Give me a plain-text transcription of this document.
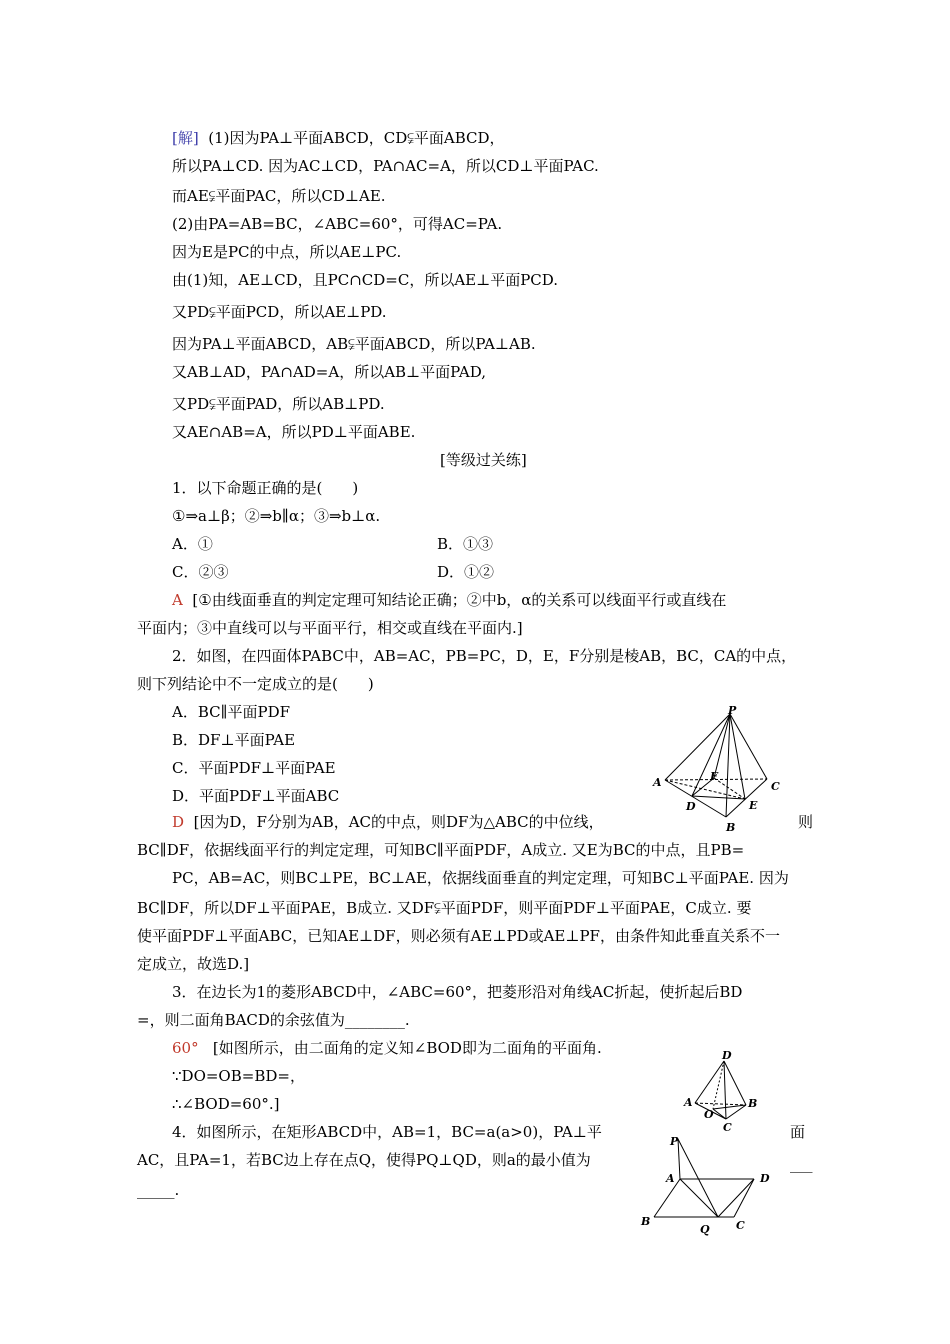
[解] (1)因为PA⊥平面ABCD，CD⫋平面ABCD，
所以PA⊥CD. 因为AC⊥CD，PA∩AC=A，所以CD⊥平面PAC.
而AE⫋平面PAC，所以CD⊥AE.
(2)由PA=AB=BC，∠ABC=60°，可得AC=PA.
因为E是PC的中点，所以AE⊥PC.
由(1)知，AE⊥CD，且PC∩CD=C，所以AE⊥平面PCD.
又PD⫋平面PCD，所以AE⊥PD.
因为PA⊥平面ABCD，AB⫋平面ABCD，所以PA⊥AB.
又AB⊥AD，PA∩AD=A，所以AB⊥平面PAD,
又PD⫋平面PAD，所以AB⊥PD.
又AE∩AB=A，所以PD⊥平面ABE.
[等级过关练]
1．以下命题正确的是(　　)
①⇒a⊥β；②⇒b∥α；③⇒b⊥α.
A．①	B．①③
C．②③	D．①②
A [①由线面垂直的判定定理可知结论正确；②中b，α的关系可以线面平行或直线在
平面内；③中直线可以与平面平行，相交或直线在平面内.]
2．如图，在四面体PABC中，AB=AC，PB=PC，D，E，F分别是棱AB，BC，CA的中点，
则下列结论中不一定成立的是(　　)
A．BC∥平面PDF
B．DF⊥平面PAE
C．平面PDF⊥平面PAE
D．平面PDF⊥平面ABC
P
A	F
C
D	E
B
D [因为D，F分别为AB，AC的中点，则DF为△ABC的中位线，	则
BC∥DF，依据线面平行的判定定理，可知BC∥平面PDF，A成立. 又E为BC的中点，且PB=
PC，AB=AC，则BC⊥PE，BC⊥AE，依据线面垂直的判定定理，可知BC⊥平面PAE. 因为
BC∥DF，所以DF⊥平面PAE，B成立. 又DF⫋平面PDF，则平面PDF⊥平面PAE，C成立. 要
使平面PDF⊥平面ABC，已知AE⊥DF，则必须有AE⊥PD或AE⊥PF，由条件知此垂直关系不一
定成立，故选D.]
3．在边长为1的菱形ABCD中，∠ABC=60°，把菱形沿对角线AC折起，使折起后BD
=，则二面角BACD的余弦值为________.
60° [如图所示，由二面角的定义知∠BOD即为二面角的平面角.
∵DO=OB=BD=，
∴∠BOD=60°.]
D
A
O
B
C
4．如图所示，在矩形ABCD中，AB=1，BC=a(a>0)，PA⊥平	面
AC，且PA=1，若BC边上存在点Q，使得PQ⊥QD，则a的最小值为	___
_____.
P
A	D
B
Q C
